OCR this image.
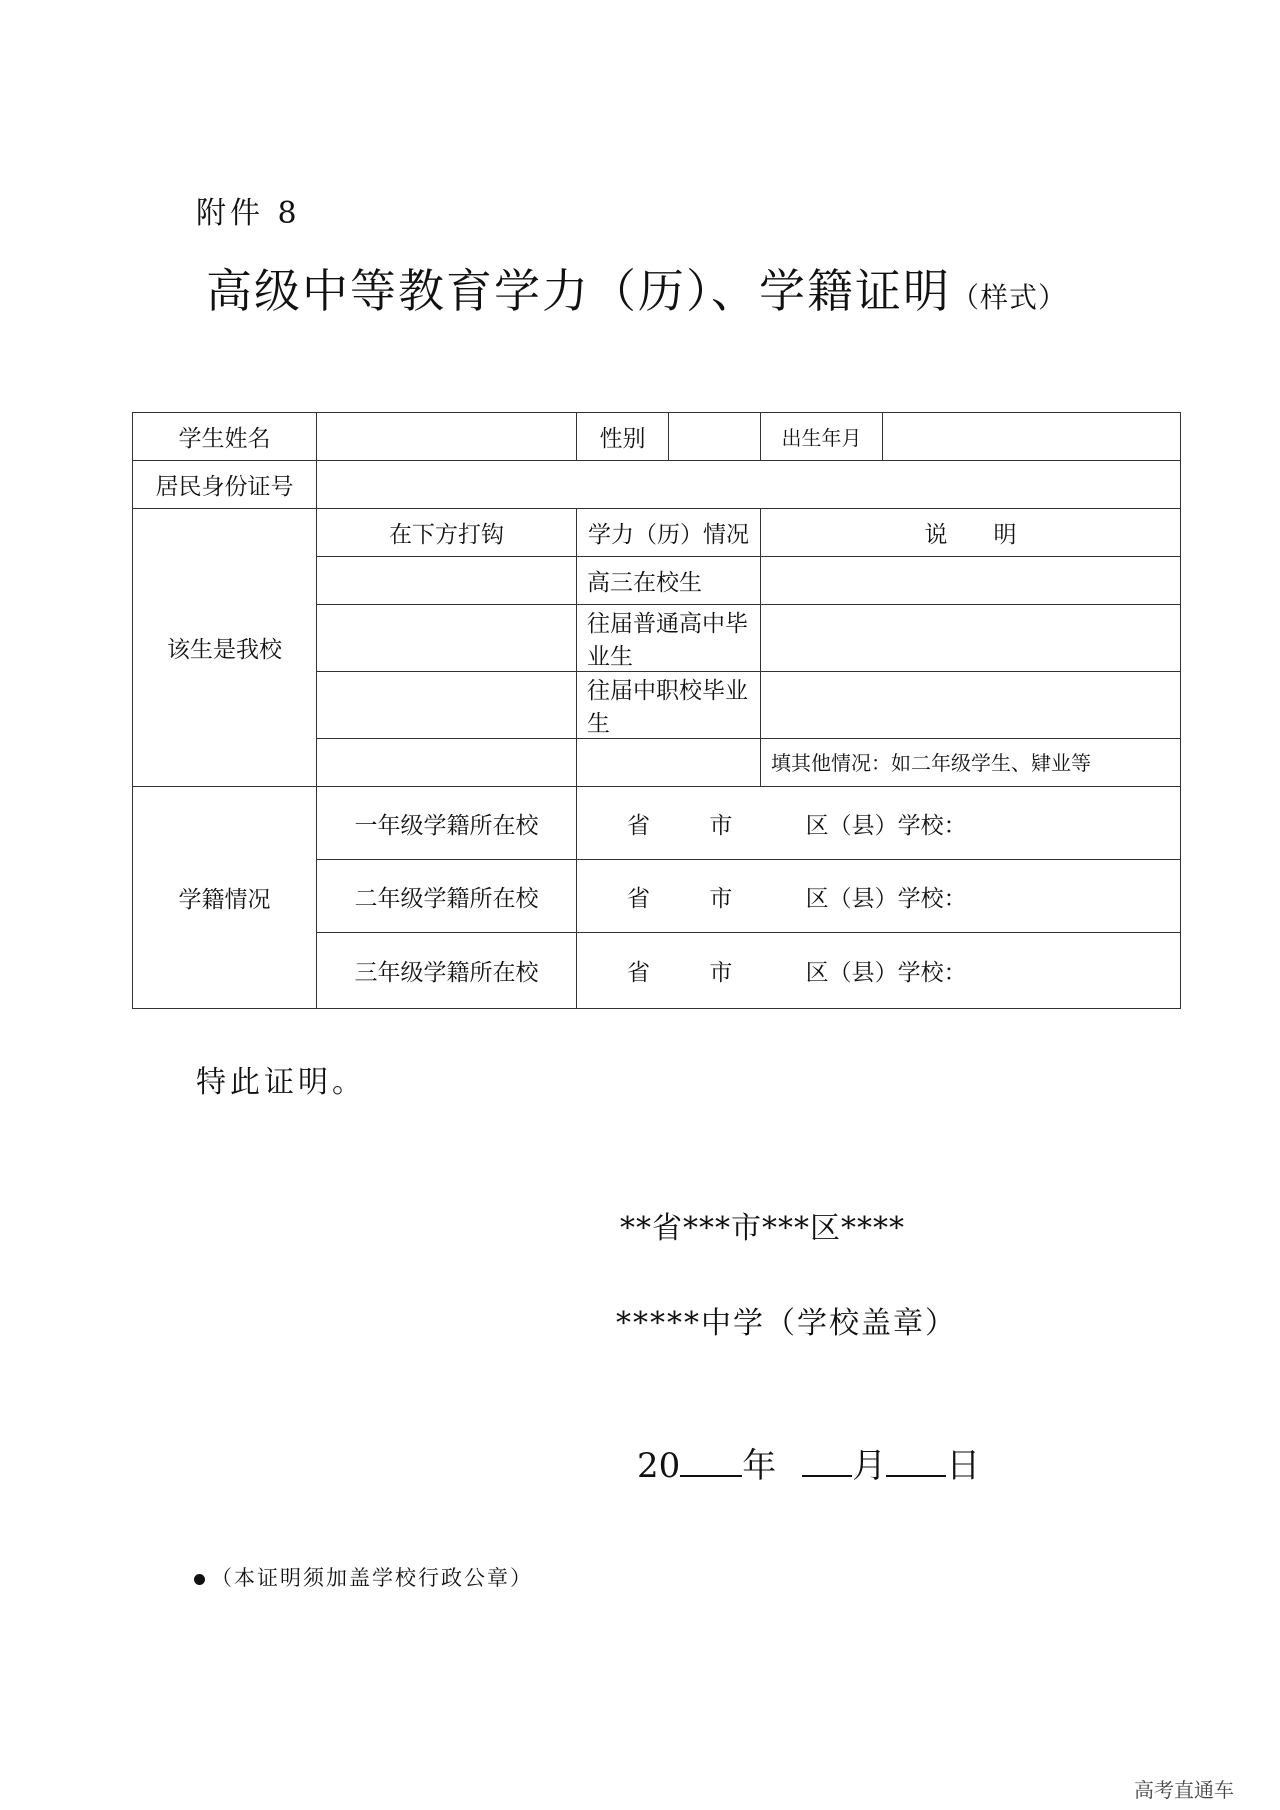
附件 8
高级中等教育学力（历）、学籍证明（样式）
学生姓名		性别		出生年月	
居民身份证号					
该生是我校	在下方打钩	学力（历）情况		说　　明	
		高三在校生			
		往届普通高中毕业生			
		往届中职校毕业生			
				填其他情况：如二年级学生、肄业等	

学籍情况	一年级学籍所在校	省 市 区（县）学校：			
	二年级学籍所在校	省 市 区（县）学校：			
	三年级学籍所在校	省 市 区（县）学校：			
特此证明。
**省***市***区****
*****中学（学校盖章）
20 年 月 日
（本证明须加盖学校行政公章）
高考直通车
